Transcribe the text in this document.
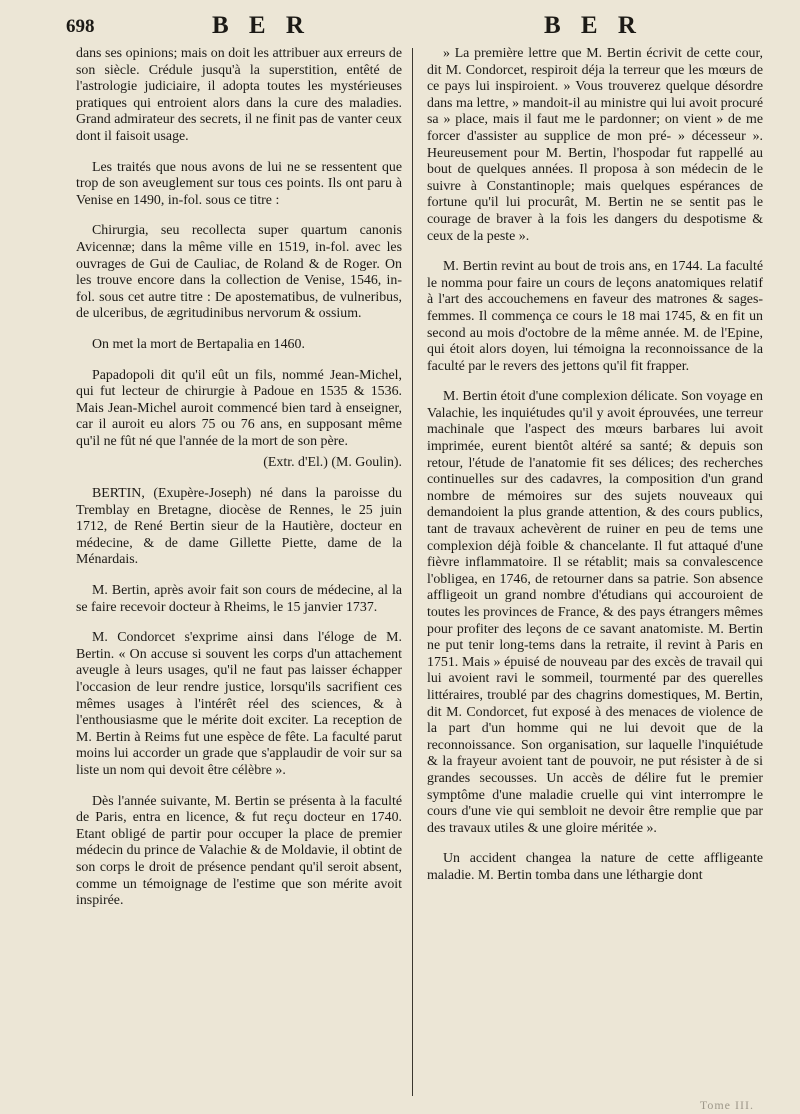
698	B E R	B E R

dans ses opinions; mais on doit les attribuer aux erreurs de son siècle. Crédule jusqu'à la superstition, entêté de l'astrologie judiciaire, il adopta toutes les mystérieuses pratiques qui entroient alors dans la cure des maladies. Grand admirateur des secrets, il ne finit pas de vanter ceux dont il faisoit usage.

Les traités que nous avons de lui ne se ressentent que trop de son aveuglement sur tous ces points. Ils ont paru à Venise en 1490, in-fol. sous ce titre :

Chirurgia, seu recollecta super quartum canonis Avicennæ; dans la même ville en 1519, in-fol. avec les ouvrages de Gui de Cauliac, de Roland & de Roger. On les trouve encore dans la collection de Venise, 1546, in-fol. sous cet autre titre : De apostematibus, de vulneribus, de ulceribus, de ægritudinibus nervorum & ossium.

On met la mort de Bertapalia en 1460.

Papadopoli dit qu'il eût un fils, nommé Jean-Michel, qui fut lecteur de chirurgie à Padoue en 1535 & 1536. Mais Jean-Michel auroit commencé bien tard à enseigner, car il auroit eu alors 75 ou 76 ans, en supposant même qu'il ne fût né que l'année de la mort de son père.

(Extr. d'El.) (M. Goulin).

BERTIN, (Exupère-Joseph) né dans la paroisse du Tremblay en Bretagne, diocèse de Rennes, le 25 juin 1712, de René Bertin sieur de la Hautière, docteur en médecine, & de dame Gillette Piette, dame de la Ménardais.

M. Bertin, après avoir fait son cours de médecine, al la se faire recevoir docteur à Rheims, le 15 janvier 1737.

M. Condorcet s'exprime ainsi dans l'éloge de M. Bertin. « On accuse si souvent les corps d'un attachement aveugle à leurs usages, qu'il ne faut pas laisser échapper l'occasion de leur rendre justice, lorsqu'ils sacrifient ces mêmes usages à l'intérêt réel des sciences, & à l'enthousiasme que le mérite doit exciter. La reception de M. Bertin à Reims fut une espèce de fête. La faculté parut moins lui accorder un grade que s'applaudir de voir sur sa liste un nom qui devoit être célèbre ».

Dès l'année suivante, M. Bertin se présenta à la faculté de Paris, entra en licence, & fut reçu docteur en 1740. Etant obligé de partir pour occuper la place de premier médecin du prince de Valachie & de Moldavie, il obtint de son corps le droit de présence pendant qu'il seroit absent, comme un témoignage de l'estime que son mérite avoit inspirée.

» La première lettre que M. Bertin écrivit de cette cour, dit M. Condorcet, respiroit déja la terreur que les mœurs de ce pays lui inspiroient. » Vous trouverez quelque désordre dans ma lettre, » mandoit-il au ministre qui lui avoit procuré sa » place, mais il faut me le pardonner; on vient » de me forcer d'assister au supplice de mon pré- » décesseur ». Heureusement pour M. Bertin, l'hospodar fut rappellé au bout de quelques années. Il proposa à son médecin de le suivre à Constantinople; mais quelques espérances de fortune qu'il lui procurât, M. Bertin ne se sentit pas le courage de braver à la fois les dangers du despotisme & ceux de la peste ».

M. Bertin revint au bout de trois ans, en 1744. La faculté le nomma pour faire un cours de leçons anatomiques relatif à l'art des accouchemens en faveur des matrones & sages-femmes. Il commença ce cours le 18 mai 1745, & en fit un second au mois d'octobre de la même année. M. de l'Epine, qui étoit alors doyen, lui témoigna la reconnoissance de la faculté par le revers des jettons qu'il fit frapper.

M. Bertin étoit d'une complexion délicate. Son voyage en Valachie, les inquiétudes qu'il y avoit éprouvées, une terreur machinale que l'aspect des mœurs barbares lui avoit imprimée, eurent bientôt altéré sa santé; & depuis son retour, l'étude de l'anatomie fit ses délices; des recherches continuelles sur des cadavres, la composition d'un grand nombre de mémoires sur des sujets nouveaux qui demandoient la plus grande attention, & des cours publics, tant de travaux achevèrent de ruiner en peu de tems une complexion déjà foible & chancelante. Il fut attaqué d'une fièvre inflammatoire. Il se rétablit; mais sa convalescence l'obligea, en 1746, de retourner dans sa patrie. Son absence affligeoit un grand nombre d'étudians qui accouroient de toutes les provinces de France, & des pays étrangers mêmes pour profiter des leçons de ce savant anatomiste. M. Bertin ne put tenir long-tems dans la retraite, il revint à Paris en 1751. Mais » épuisé de nouveau par des excès de travail qui lui avoient ravi le sommeil, tourmenté par des querelles littéraires, troublé par des chagrins domestiques, M. Bertin, dit M. Condorcet, fut exposé à des menaces de violence de la part d'un homme qui ne lui devoit que de la reconnoissance. Son organisation, sur laquelle l'inquiétude & la frayeur avoient tant de pouvoir, ne put résister à de si grandes secousses. Un accès de délire fut le premier symptôme d'une maladie cruelle qui vint interrompre le cours d'une vie qui sembloit ne devoir être remplie que par des travaux utiles & une gloire méritée ».

Un accident changea la nature de cette affligeante maladie. M. Bertin tomba dans une léthargie dont

Tome III.
